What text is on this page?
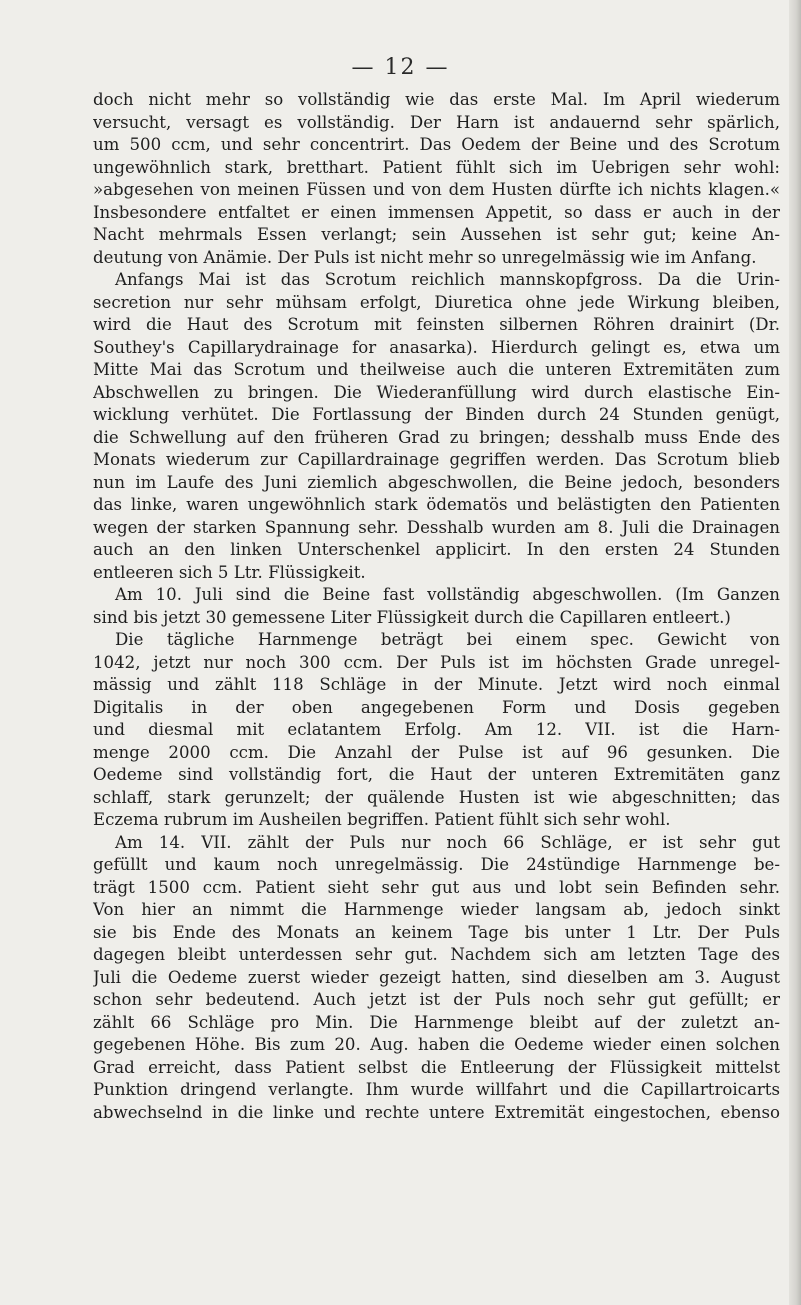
— 12 —
doch nicht mehr so vollständig wie das erste Mal. Im April wiederum
versucht, versagt es vollständig. Der Harn ist andauernd sehr spärlich,
um 500 ccm, und sehr concentrirt. Das Oedem der Beine und des Scrotum
ungewöhnlich stark, bretthart. Patient fühlt sich im Uebrigen sehr wohl:
»abgesehen von meinen Füssen und von dem Husten dürfte ich nichts klagen.«
Insbesondere entfaltet er einen immensen Appetit, so dass er auch in der
Nacht mehrmals Essen verlangt; sein Aussehen ist sehr gut; keine An-
deutung von Anämie. Der Puls ist nicht mehr so unregelmässig wie im Anfang.
Anfangs Mai ist das Scrotum reichlich mannskopfgross. Da die Urin-
secretion nur sehr mühsam erfolgt, Diuretica ohne jede Wirkung bleiben,
wird die Haut des Scrotum mit feinsten silbernen Röhren drainirt (Dr.
Southey's Capillarydrainage for anasarka). Hierdurch gelingt es, etwa um
Mitte Mai das Scrotum und theilweise auch die unteren Extremitäten zum
Abschwellen zu bringen. Die Wiederanfüllung wird durch elastische Ein-
wicklung verhütet. Die Fortlassung der Binden durch 24 Stunden genügt,
die Schwellung auf den früheren Grad zu bringen; desshalb muss Ende des
Monats wiederum zur Capillardrainage gegriffen werden. Das Scrotum blieb
nun im Laufe des Juni ziemlich abgeschwollen, die Beine jedoch, besonders
das linke, waren ungewöhnlich stark ödematös und belästigten den Patienten
wegen der starken Spannung sehr. Desshalb wurden am 8. Juli die Drainagen
auch an den linken Unterschenkel applicirt. In den ersten 24 Stunden
entleeren sich 5 Ltr. Flüssigkeit.
Am 10. Juli sind die Beine fast vollständig abgeschwollen. (Im Ganzen
sind bis jetzt 30 gemessene Liter Flüssigkeit durch die Capillaren entleert.)
Die tägliche Harnmenge beträgt bei einem spec. Gewicht von
1042, jetzt nur noch 300 ccm. Der Puls ist im höchsten Grade unregel-
mässig und zählt 118 Schläge in der Minute. Jetzt wird noch einmal
Digitalis in der oben angegebenen Form und Dosis gegeben
und diesmal mit eclatantem Erfolg. Am 12. VII. ist die Harn-
menge 2000 ccm. Die Anzahl der Pulse ist auf 96 gesunken. Die
Oedeme sind vollständig fort, die Haut der unteren Extremitäten ganz
schlaff, stark gerunzelt; der quälende Husten ist wie abgeschnitten; das
Eczema rubrum im Ausheilen begriffen. Patient fühlt sich sehr wohl.
Am 14. VII. zählt der Puls nur noch 66 Schläge, er ist sehr gut
gefüllt und kaum noch unregelmässig. Die 24stündige Harnmenge be-
trägt 1500 ccm. Patient sieht sehr gut aus und lobt sein Befinden sehr.
Von hier an nimmt die Harnmenge wieder langsam ab, jedoch sinkt
sie bis Ende des Monats an keinem Tage bis unter 1 Ltr. Der Puls
dagegen bleibt unterdessen sehr gut. Nachdem sich am letzten Tage des
Juli die Oedeme zuerst wieder gezeigt hatten, sind dieselben am 3. August
schon sehr bedeutend. Auch jetzt ist der Puls noch sehr gut gefüllt; er
zählt 66 Schläge pro Min. Die Harnmenge bleibt auf der zuletzt an-
gegebenen Höhe. Bis zum 20. Aug. haben die Oedeme wieder einen solchen
Grad erreicht, dass Patient selbst die Entleerung der Flüssigkeit mittelst
Punktion dringend verlangte. Ihm wurde willfahrt und die Capillartroicarts
abwechselnd in die linke und rechte untere Extremität eingestochen, ebenso
